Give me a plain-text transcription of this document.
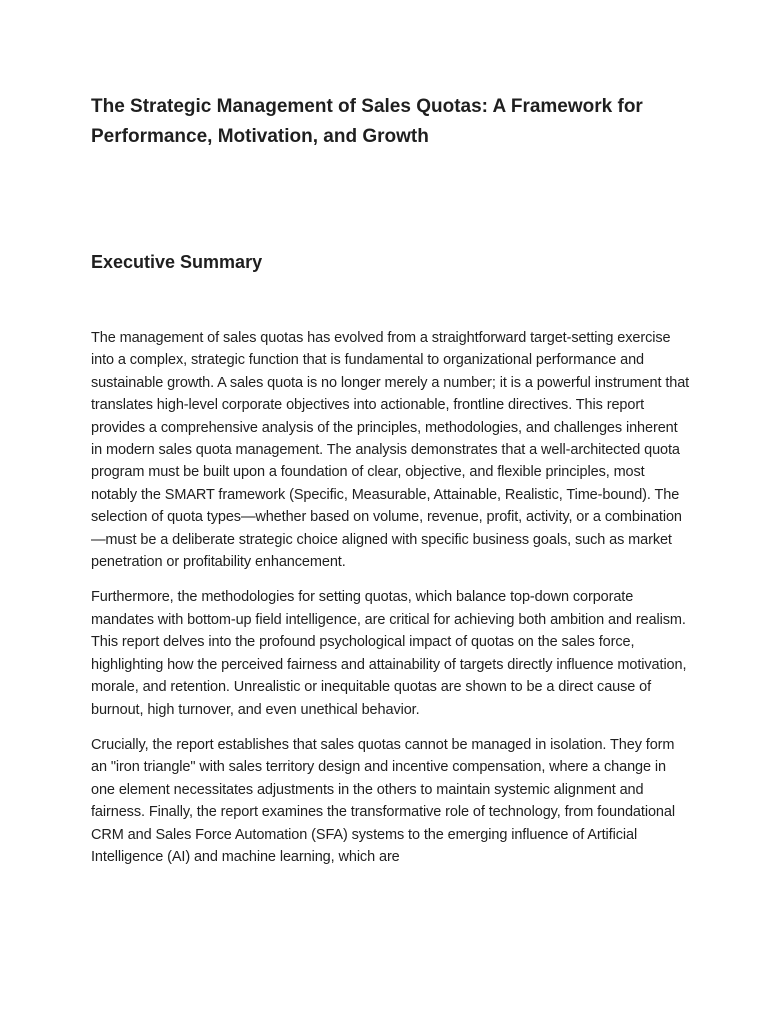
The Strategic Management of Sales Quotas: A Framework for Performance, Motivation, and Growth
Executive Summary

The management of sales quotas has evolved from a straightforward target-setting exercise into a complex, strategic function that is fundamental to organizational performance and sustainable growth. A sales quota is no longer merely a number; it is a powerful instrument that translates high-level corporate objectives into actionable, frontline directives. This report provides a comprehensive analysis of the principles, methodologies, and challenges inherent in modern sales quota management. The analysis demonstrates that a well-architected quota program must be built upon a foundation of clear, objective, and flexible principles, most notably the SMART framework (Specific, Measurable, Attainable, Realistic, Time-bound). The selection of quota types—whether based on volume, revenue, profit, activity, or a combination—must be a deliberate strategic choice aligned with specific business goals, such as market penetration or profitability enhancement.

Furthermore, the methodologies for setting quotas, which balance top-down corporate mandates with bottom-up field intelligence, are critical for achieving both ambition and realism. This report delves into the profound psychological impact of quotas on the sales force, highlighting how the perceived fairness and attainability of targets directly influence motivation, morale, and retention. Unrealistic or inequitable quotas are shown to be a direct cause of burnout, high turnover, and even unethical behavior.

Crucially, the report establishes that sales quotas cannot be managed in isolation. They form an "iron triangle" with sales territory design and incentive compensation, where a change in one element necessitates adjustments in the others to maintain systemic alignment and fairness. Finally, the report examines the transformative role of technology, from foundational CRM and Sales Force Automation (SFA) systems to the emerging influence of Artificial Intelligence (AI) and machine learning, which are
